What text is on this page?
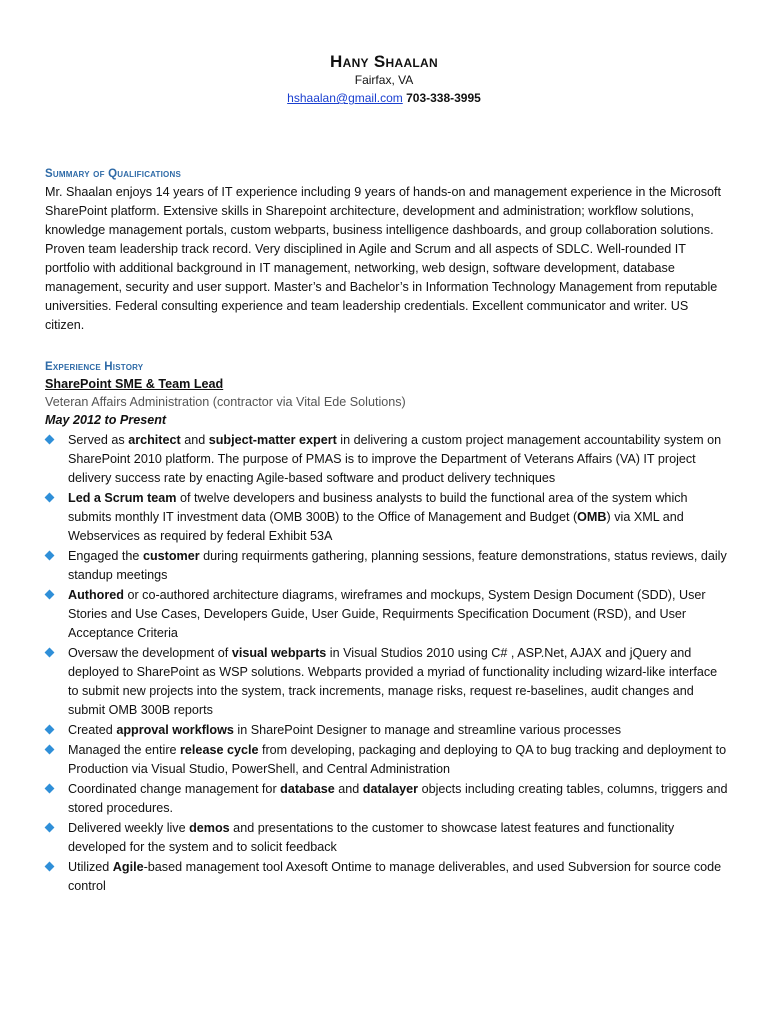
Hany Shaalan
Fairfax, VA
hshaalan@gmail.com 703-338-3995
Summary of Qualifications

Mr. Shaalan enjoys 14 years of IT experience including 9 years of hands-on and management experience in the Microsoft SharePoint platform. Extensive skills in Sharepoint architecture, development and administration; workflow solutions, knowledge management portals, custom webparts, business intelligence dashboards, and group collaboration solutions. Proven team leadership track record. Very disciplined in Agile and Scrum and all aspects of SDLC. Well-rounded IT portfolio with additional background in IT management, networking, web design, software development, database management, security and user support. Master’s and Bachelor’s in Information Technology Management from reputable universities. Federal consulting experience and team leadership credentials. Excellent communicator and writer. US citizen.

Experience History
SharePoint SME & Team Lead
Veteran Affairs Administration (contractor via Vital Ede Solutions)
May 2012 to Present
Served as architect and subject-matter expert in delivering a custom project management accountability system on SharePoint 2010 platform. The purpose of PMAS is to improve the Department of Veterans Affairs (VA) IT project delivery success rate by enacting Agile-based software and product delivery techniques
Led a Scrum team of twelve developers and business analysts to build the functional area of the system which submits monthly IT investment data (OMB 300B) to the Office of Management and Budget (OMB) via XML and Webservices as required by federal Exhibit 53A
Engaged the customer during requirments gathering, planning sessions, feature demonstrations, status reviews, daily standup meetings
Authored or co-authored architecture diagrams, wireframes and mockups, System Design Document (SDD), User Stories and Use Cases, Developers Guide, User Guide, Requirments Specification Document (RSD), and User Acceptance Criteria
Oversaw the development of visual webparts in Visual Studios 2010 using C# , ASP.Net, AJAX and jQuery and deployed to SharePoint as WSP solutions. Webparts provided a myriad of functionality including wizard-like interface to submit new projects into the system, track increments, manage risks, request re-baselines, audit changes and submit OMB 300B reports
Created approval workflows in SharePoint Designer to manage and streamline various processes
Managed the entire release cycle from developing, packaging and deploying to QA to bug tracking and deployment to Production via Visual Studio, PowerShell, and Central Administration
Coordinated change management for database and datalayer objects including creating tables, columns, triggers and stored procedures.
Delivered weekly live demos and presentations to the customer to showcase latest features and functionality developed for the system and to solicit feedback
Utilized Agile-based management tool Axesoft Ontime to manage deliverables, and used Subversion for source code control
